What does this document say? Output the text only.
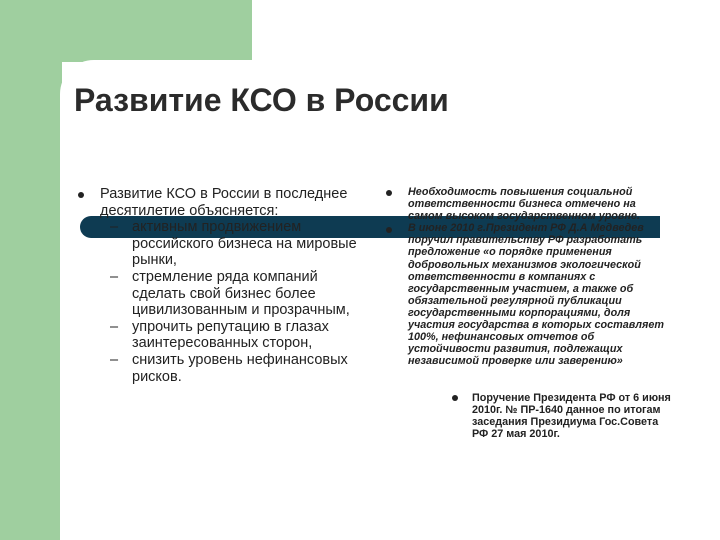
Развитие КСО в России
Развитие КСО в России в последнее десятилетие объясняется:
– активным продвижением российского бизнеса на мировые рынки,
– стремление ряда компаний сделать свой бизнес более цивилизованным и прозрачным,
– упрочить репутацию в глазах заинтересованных сторон,
– снизить уровень нефинансовых рисков.
Необходимость повышения социальной ответственности бизнеса отмечено на самом высоком государственном уровне.
В июне 2010 г.Президент РФ Д.А Медведев поручил правительству РФ разработать предложение «о порядке применения добровольных механизмов экологической ответственности в компаниях с государственным участием, а также об обязательной регулярной публикации государственными корпорациями, доля участия государства в которых составляет 100%, нефинансовых отчетов об устойчивости развития, подлежащих независимой проверке или заверению»
Поручение Президента РФ от 6 июня 2010г. № ПР-1640 данное по итогам заседания Президиума Гос.Совета РФ 27 мая 2010г.
